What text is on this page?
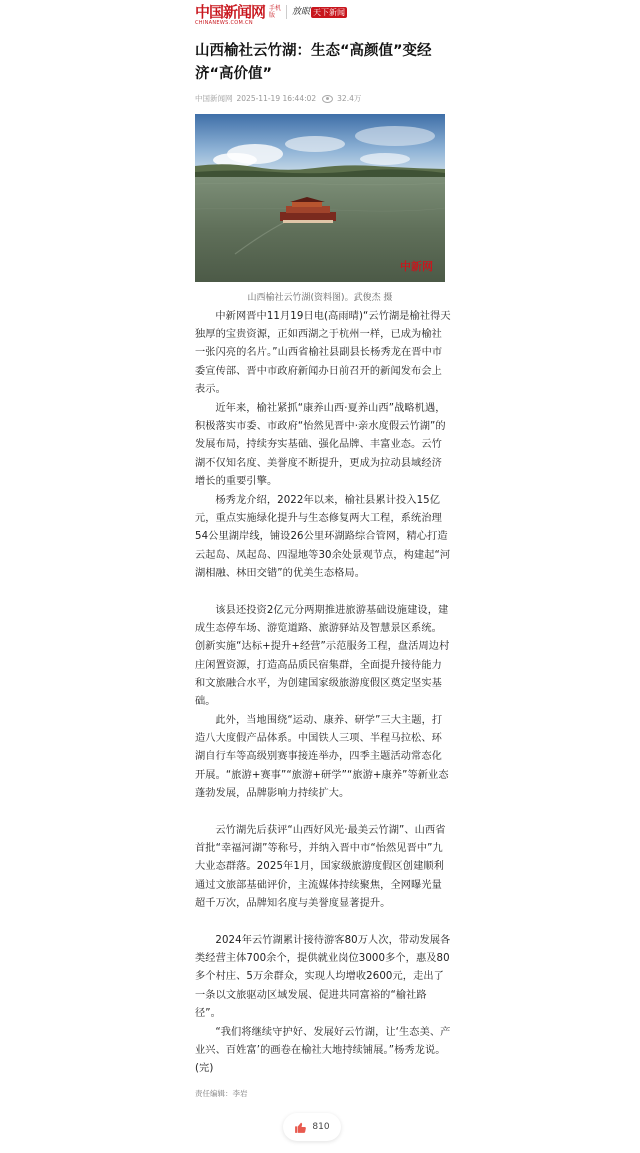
中国新闻网
CHINANEWS.COM.CN
手机版	放眼 天下新闻
山西榆社云竹湖：生态“高颜值”变经济“高价值”
中国新闻网 2025-11-19 16:44:02	32.4万
中新网
山西榆社云竹湖(资料图)。武俊杰 摄

中新网晋中11月19日电(高雨晴)“云竹湖是榆社得天独厚的宝贵资源，正如西湖之于杭州一样，已成为榆社一张闪亮的名片。”山西省榆社县副县长杨秀龙在晋中市委宣传部、晋中市政府新闻办日前召开的新闻发布会上表示。

近年来，榆社紧抓“康养山西·夏养山西”战略机遇，积极落实市委、市政府“怡然见晋中·亲水度假云竹湖”的发展布局，持续夯实基础、强化品牌、丰富业态。云竹湖不仅知名度、美誉度不断提升，更成为拉动县域经济增长的重要引擎。

杨秀龙介绍，2022年以来，榆社县累计投入15亿元，重点实施绿化提升与生态修复两大工程，系统治理54公里湖岸线，铺设26公里环湖路综合管网，精心打造云起岛、凤起岛、四湿地等30余处景观节点，构建起“河湖相融、林田交错”的优美生态格局。

该县还投资2亿元分两期推进旅游基础设施建设，建成生态停车场、游览道路、旅游驿站及智慧景区系统。创新实施“达标+提升+经营”示范服务工程，盘活周边村庄闲置资源，打造高品质民宿集群，全面提升接待能力和文旅融合水平，为创建国家级旅游度假区奠定坚实基础。

此外，当地围绕“运动、康养、研学”三大主题，打造八大度假产品体系。中国铁人三项、半程马拉松、环湖自行车等高级别赛事接连举办，四季主题活动常态化开展。“旅游+赛事”“旅游+研学”“旅游+康养”等新业态蓬勃发展，品牌影响力持续扩大。

云竹湖先后获评“山西好风光·最美云竹湖”、山西省首批“幸福河湖”等称号，并纳入晋中市“怡然见晋中”九大业态群落。2025年1月，国家级旅游度假区创建顺利通过文旅部基础评价，主流媒体持续聚焦，全网曝光量超千万次，品牌知名度与美誉度显著提升。

2024年云竹湖累计接待游客80万人次，带动发展各类经营主体700余个，提供就业岗位3000多个，惠及80多个村庄、5万余群众，实现人均增收2600元，走出了一条以文旅驱动区域发展、促进共同富裕的“榆社路径”。

“我们将继续守护好、发展好云竹湖，让‘生态美、产业兴、百姓富’的画卷在榆社大地持续铺展。”杨秀龙说。(完)

责任编辑：李岩
810
